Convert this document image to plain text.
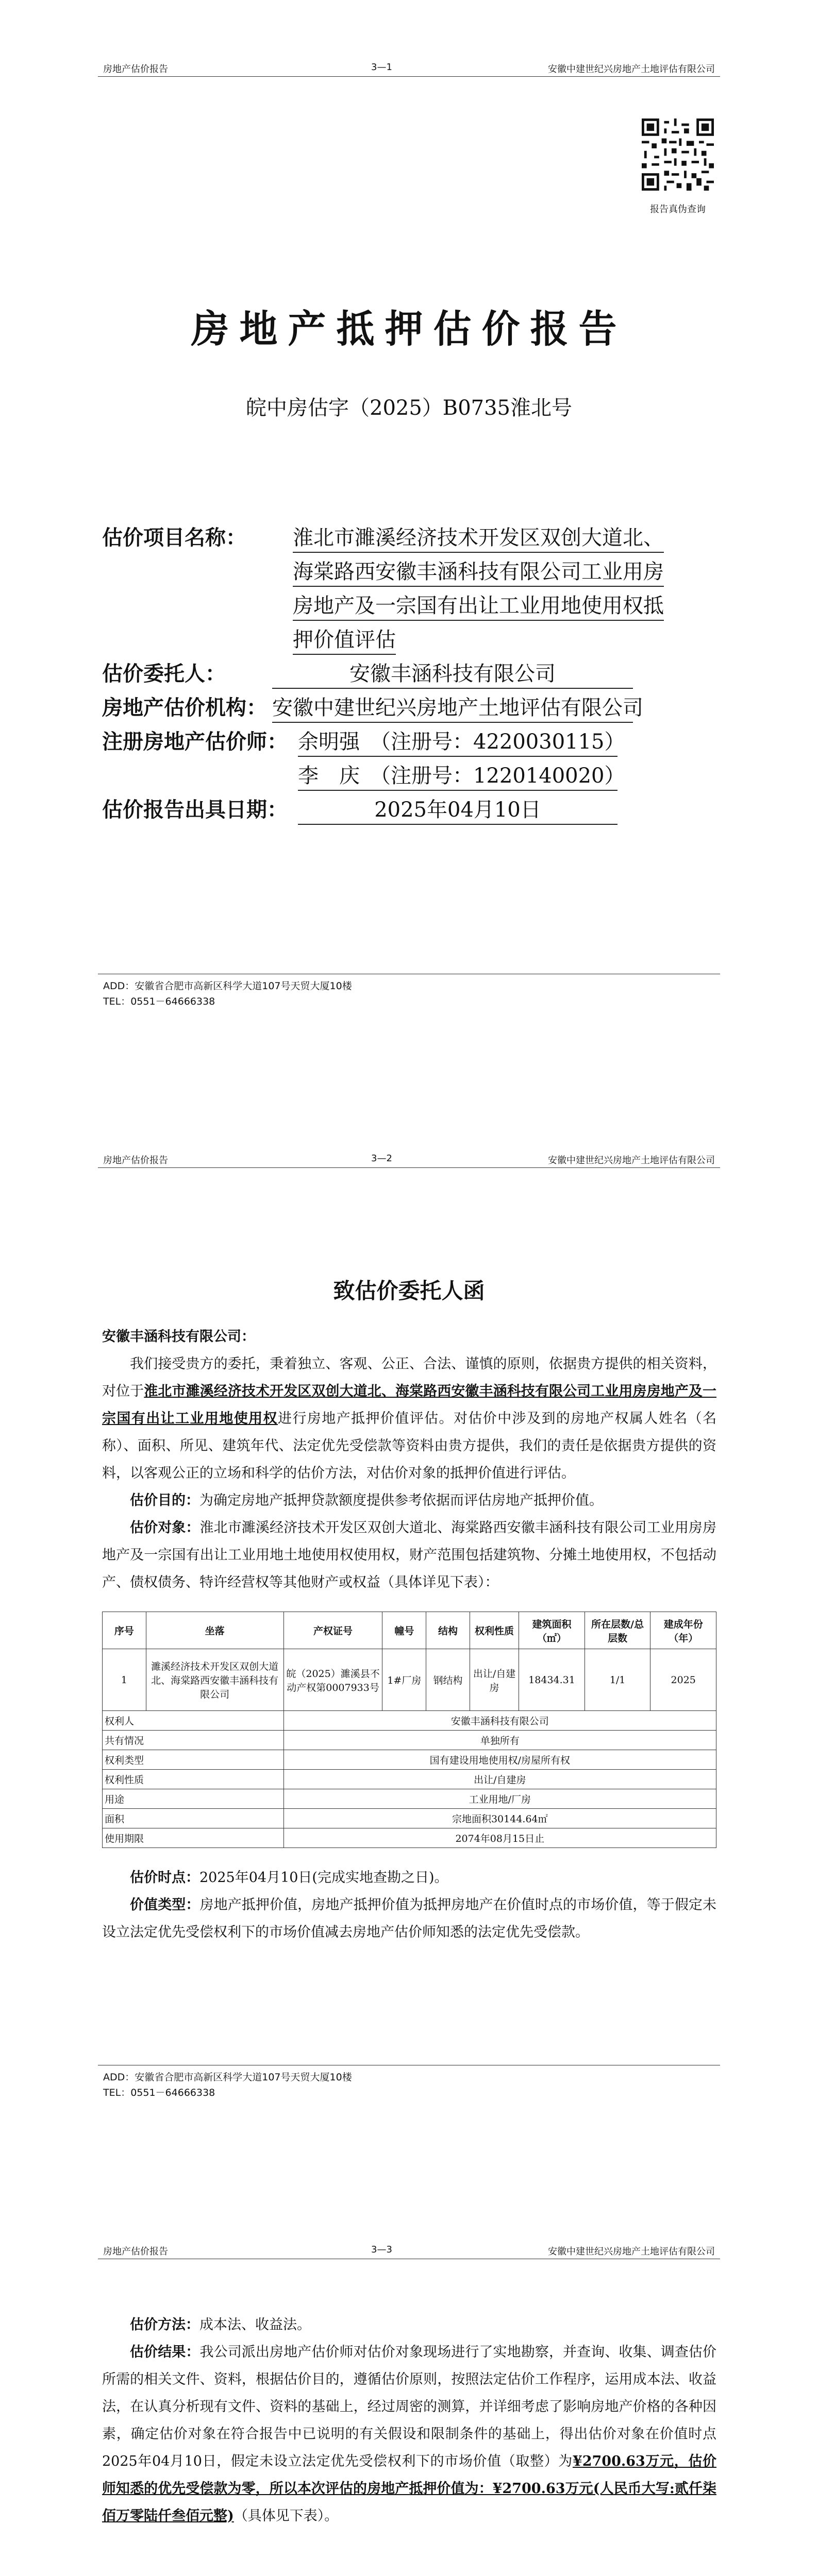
房地产估价报告	3—1	安徽中建世纪兴房地产土地评估有限公司
报告真伪查询
房地产抵押估价报告
皖中房估字（2025）B0735淮北号
估价项目名称： 淮北市濉溪经济技术开发区双创大道北、
海棠路西安徽丰涵科技有限公司工业用房
房地产及一宗国有出让工业用地使用权抵
押价值评估
估价委托人：	安徽丰涵科技有限公司
房地产估价机构： 安徽中建世纪兴房地产土地评估有限公司
注册房地产估价师： 余明强　（注册号：4220030115）
李　庆　（注册号：1220140020）
估价报告出具日期：	2025年04月10日
ADD：安徽省合肥市高新区科学大道107号天贸大厦10楼
TEL：0551－64666338
房地产估价报告	3—2	安徽中建世纪兴房地产土地评估有限公司
致估价委托人函

安徽丰涵科技有限公司：

我们接受贵方的委托，秉着独立、客观、公正、合法、谨慎的原则，依据贵方提供的相关资料，对位于淮北市濉溪经济技术开发区双创大道北、海棠路西安徽丰涵科技有限公司工业用房房地产及一宗国有出让工业用地使用权进行房地产抵押价值评估。对估价中涉及到的房地产权属人姓名（名称）、面积、所见、建筑年代、法定优先受偿款等资料由贵方提供，我们的责任是依据贵方提供的资料，以客观公正的立场和科学的估价方法，对估价对象的抵押价值进行评估。

估价目的：为确定房地产抵押贷款额度提供参考依据而评估房地产抵押价值。

估价对象：淮北市濉溪经济技术开发区双创大道北、海棠路西安徽丰涵科技有限公司工业用房房地产及一宗国有出让工业用地土地使用权使用权，财产范围包括建筑物、分摊土地使用权，不包括动产、债权债务、特许经营权等其他财产或权益（具体详见下表）：

序号	坐落	产权证号	幢号	结构	权利性质	建筑面积（㎡）	所在层数/总层数	建成年份（年）
1	濉溪经济技术开发区双创大道北、海棠路西安徽丰涵科技有限公司	皖（2025）濉溪县不动产权第0007933号	1#厂房	钢结构	出让/自建房	18434.31	1/1	2025
权利人		安徽丰涵科技有限公司						
共有情况		单独所有						
权利类型		国有建设用地使用权/房屋所有权						
权利性质		出让/自建房						
用途		工业用地/厂房						
面积		宗地面积30144.64㎡						
使用期限		2074年08月15日止						

估价时点：2025年04月10日(完成实地查勘之日)。

价值类型：房地产抵押价值，房地产抵押价值为抵押房地产在价值时点的市场价值，等于假定未设立法定优先受偿权利下的市场价值减去房地产估价师知悉的法定优先受偿款。

ADD：安徽省合肥市高新区科学大道107号天贸大厦10楼
TEL：0551－64666338
房地产估价报告	3—3	安徽中建世纪兴房地产土地评估有限公司

估价方法：成本法、收益法。

估价结果：我公司派出房地产估价师对估价对象现场进行了实地勘察，并查询、收集、调查估价所需的相关文件、资料，根据估价目的，遵循估价原则，按照法定估价工作程序，运用成本法、收益法，在认真分析现有文件、资料的基础上，经过周密的测算，并详细考虑了影响房地产价格的各种因素，确定估价对象在符合报告中已说明的有关假设和限制条件的基础上，得出估价对象在价值时点2025年04月10日，假定未设立法定优先受偿权利下的市场价值（取整）为¥2700.63万元，估价师知悉的优先受偿款为零，所以本次评估的房地产抵押价值为：¥2700.63万元(人民币大写:贰仟柒佰万零陆仟叁佰元整)（具体见下表）。
